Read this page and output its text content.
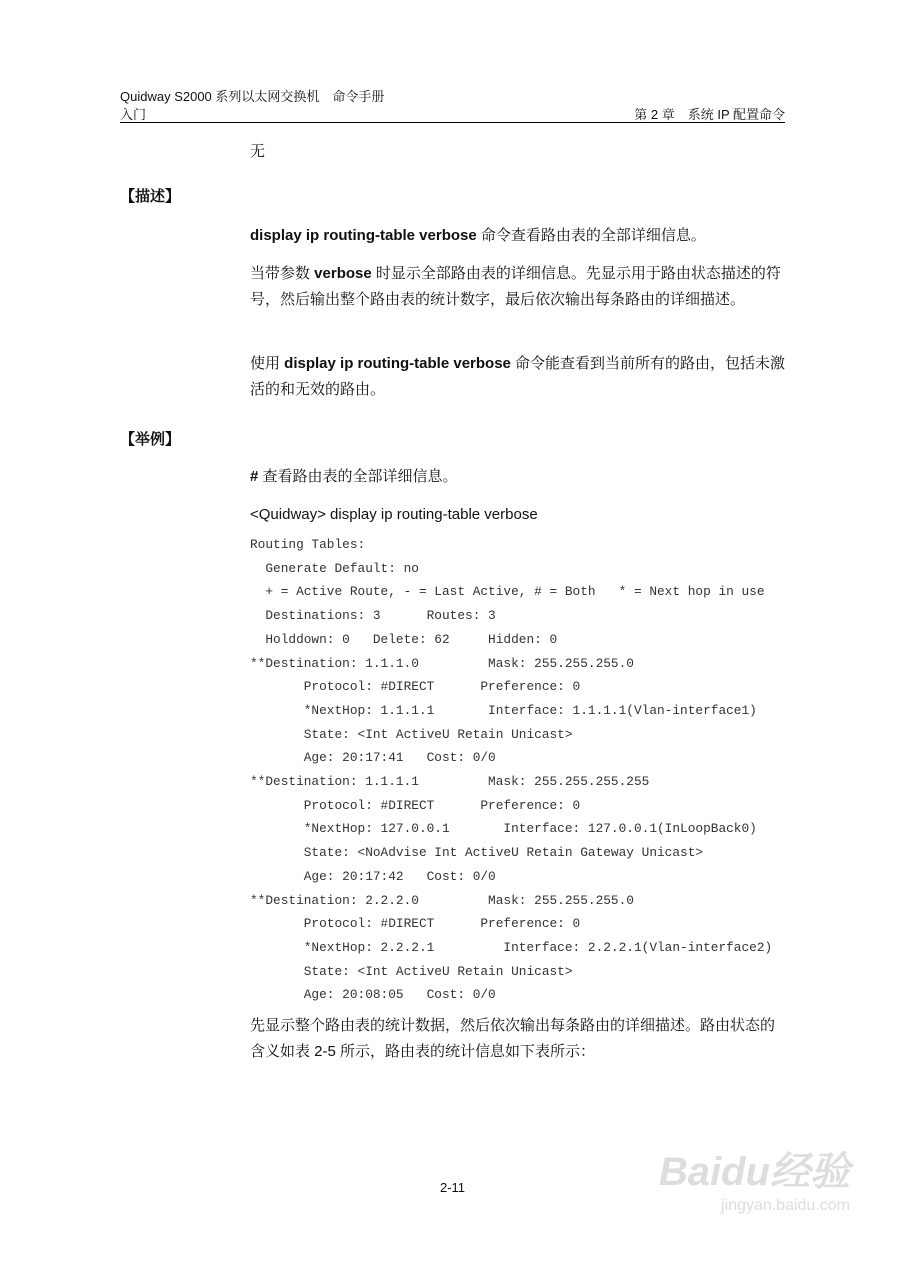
Quidway S2000 系列以太网交换机　命令手册
入门	第 2 章　系统 IP 配置命令
无
【描述】
display ip routing-table verbose 命令查看路由表的全部详细信息。
当带参数 verbose 时显示全部路由表的详细信息。先显示用于路由状态描述的符号，然后输出整个路由表的统计数字，最后依次输出每条路由的详细描述。
使用 display ip routing-table verbose 命令能查看到当前所有的路由，包括未激活的和无效的路由。
【举例】
# 查看路由表的全部详细信息。
<Quidway> display ip routing-table verbose
Routing Tables:
Generate Default: no
+ = Active Route, - = Last Active, # = Both   * = Next hop in use
Destinations: 3      Routes: 3
Holddown: 0   Delete: 62     Hidden: 0
**Destination: 1.1.1.0         Mask: 255.255.255.0
Protocol: #DIRECT      Preference: 0
*NextHop: 1.1.1.1       Interface: 1.1.1.1(Vlan-interface1)
State: <Int ActiveU Retain Unicast>
Age: 20:17:41   Cost: 0/0
**Destination: 1.1.1.1         Mask: 255.255.255.255
Protocol: #DIRECT      Preference: 0
*NextHop: 127.0.0.1       Interface: 127.0.0.1(InLoopBack0)
State: <NoAdvise Int ActiveU Retain Gateway Unicast>
Age: 20:17:42   Cost: 0/0
**Destination: 2.2.2.0         Mask: 255.255.255.0
Protocol: #DIRECT      Preference: 0
*NextHop: 2.2.2.1         Interface: 2.2.2.1(Vlan-interface2)
State: <Int ActiveU Retain Unicast>
Age: 20:08:05   Cost: 0/0
先显示整个路由表的统计数据，然后依次输出每条路由的详细描述。路由状态的含义如表 2-5 所示，路由表的统计信息如下表所示：
2-11	Baidu经验
jingyan.baidu.com
